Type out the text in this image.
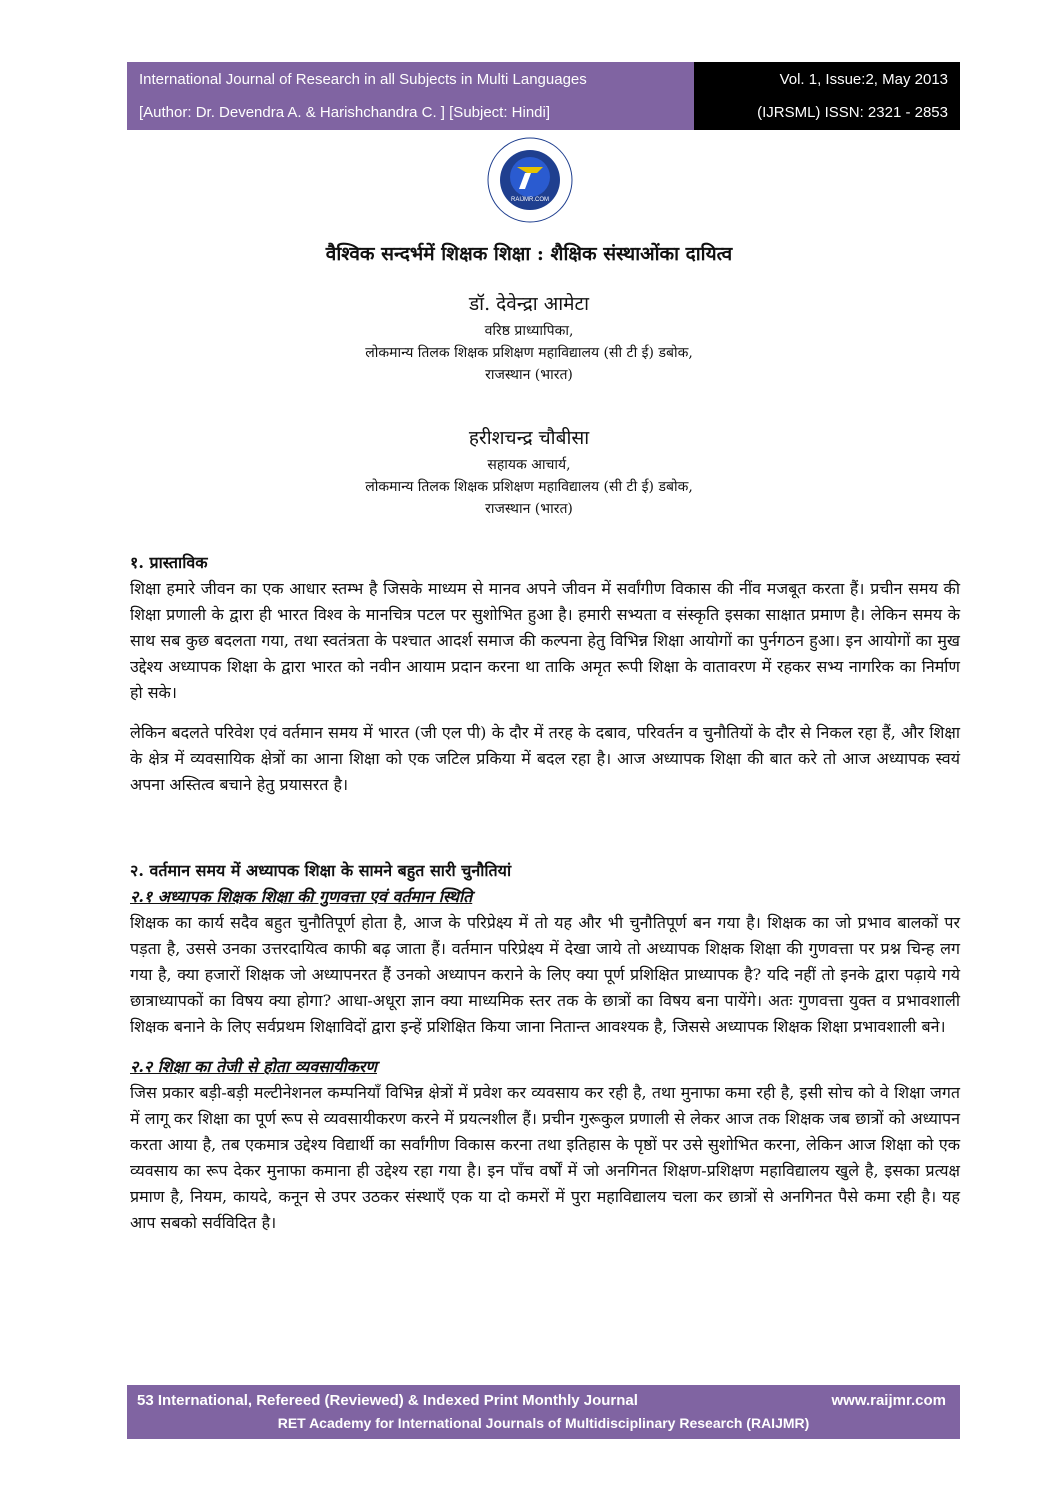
International Journal of Research in all Subjects in Multi Languages
[Author: Dr. Devendra A. & Harishchandra C. ] [Subject: Hindi]
Vol. 1, Issue:2, May 2013
(IJRSML) ISSN: 2321 - 2853
RAIJMR.COM
वैश्विक सन्दर्भमें शिक्षक शिक्षा : शैक्षिक संस्थाओंका दायित्व
डॉ. देवेन्द्रा आमेटा
वरिष्ठ प्राध्यापिका,
लोकमान्य तिलक शिक्षक प्रशिक्षण महाविद्यालय (सी टी ई) डबोक,
राजस्थान (भारत)
हरीशचन्द्र चौबीसा
सहायक आचार्य,
लोकमान्य तिलक शिक्षक प्रशिक्षण महाविद्यालय (सी टी ई) डबोक,
राजस्थान (भारत)
१. प्रास्ताविक

शिक्षा हमारे जीवन का एक आधार स्तम्भ है जिसके माध्यम से मानव अपने जीवन में सर्वांगीण विकास की नींव मजबूत करता हैं। प्रचीन समय की शिक्षा प्रणाली के द्वारा ही भारत विश्व के मानचित्र पटल पर सुशोभित हुआ है। हमारी सभ्यता व संस्कृति इसका साक्षात प्रमाण है। लेकिन समय के साथ सब कुछ बदलता गया, तथा स्वतंत्रता के पश्चात आदर्श समाज की कल्पना हेतु विभिन्न शिक्षा आयोगों का पुर्नगठन हुआ। इन आयोगों का मुख उद्देश्य अध्यापक शिक्षा के द्वारा भारत को नवीन आयाम प्रदान करना था ताकि अमृत रूपी शिक्षा के वातावरण में रहकर सभ्य नागरिक का निर्माण हो सके।

लेकिन बदलते परिवेश एवं वर्तमान समय में भारत (जी एल पी) के दौर में तरह के दबाव, परिवर्तन व चुनौतियों के दौर से निकल रहा हैं, और शिक्षा के क्षेत्र में व्यवसायिक क्षेत्रों का आना शिक्षा को एक जटिल प्रकिया में बदल रहा है। आज अध्यापक शिक्षा की बात करे तो आज अध्यापक स्वयं अपना अस्तित्व बचाने हेतु प्रयासरत है।

२. वर्तमान समय में अध्यापक शिक्षा के सामने बहुत सारी चुनौतियां
२.१ अध्यापक शिक्षक शिक्षा की गुणवत्ता एवं वर्तमान स्थिति

शिक्षक का कार्य सदैव बहुत चुनौतिपूर्ण होता है, आज के परिप्रेक्ष्य में तो यह और भी चुनौतिपूर्ण बन गया है। शिक्षक का जो प्रभाव बालकों पर पड़ता है, उससे उनका उत्तरदायित्व काफी बढ़ जाता हैं। वर्तमान परिप्रेक्ष्य में देखा जाये तो अध्यापक शिक्षक शिक्षा की गुणवत्ता पर प्रश्न चिन्ह लग गया है, क्या हजारों शिक्षक जो अध्यापनरत हैं उनको अध्यापन कराने के लिए क्या पूर्ण प्रशिक्षित प्राध्यापक है? यदि नहीं तो इनके द्वारा पढ़ाये गये छात्राध्यापकों का विषय क्या होगा? आधा-अधूरा ज्ञान क्या माध्यमिक स्तर तक के छात्रों का विषय बना पायेंगे। अतः गुणवत्ता युक्त व प्रभावशाली शिक्षक बनाने के लिए सर्वप्रथम शिक्षाविदों द्वारा इन्हें प्रशिक्षित किया जाना नितान्त आवश्यक है, जिससे अध्यापक शिक्षक शिक्षा प्रभावशाली बने।

२.२ शिक्षा का तेजी से होता व्यवसायीकरण

जिस प्रकार बड़ी-बड़ी मल्टीनेशनल कम्पनियाँ विभिन्न क्षेत्रों में प्रवेश कर व्यवसाय कर रही है, तथा मुनाफा कमा रही है, इसी सोच को वे शिक्षा जगत में लागू कर शिक्षा का पूर्ण रूप से व्यवसायीकरण करने में प्रयत्नशील हैं। प्रचीन गुरूकुल प्रणाली से लेकर आज तक शिक्षक जब छात्रों को अध्यापन करता आया है, तब एकमात्र उद्देश्य विद्यार्थी का सर्वांगीण विकास करना तथा इतिहास के पृष्ठों पर उसे सुशोभित करना, लेकिन आज शिक्षा को एक व्यवसाय का रूप देकर मुनाफा कमाना ही उद्देश्य रहा गया है। इन पाँच वर्षों में जो अनगिनत शिक्षण-प्रशिक्षण महाविद्यालय खुले है, इसका प्रत्यक्ष प्रमाण है, नियम, कायदे, कनून से उपर उठकर संस्थाएँ एक या दो कमरों में पुरा महाविद्यालय चला कर छात्रों से अनगिनत पैसे कमा रही है। यह आप सबको सर्वविदित है।

53 International, Refereed (Reviewed) & Indexed Print Monthly Journal	www.raijmr.com
RET Academy for International Journals of Multidisciplinary Research (RAIJMR)
